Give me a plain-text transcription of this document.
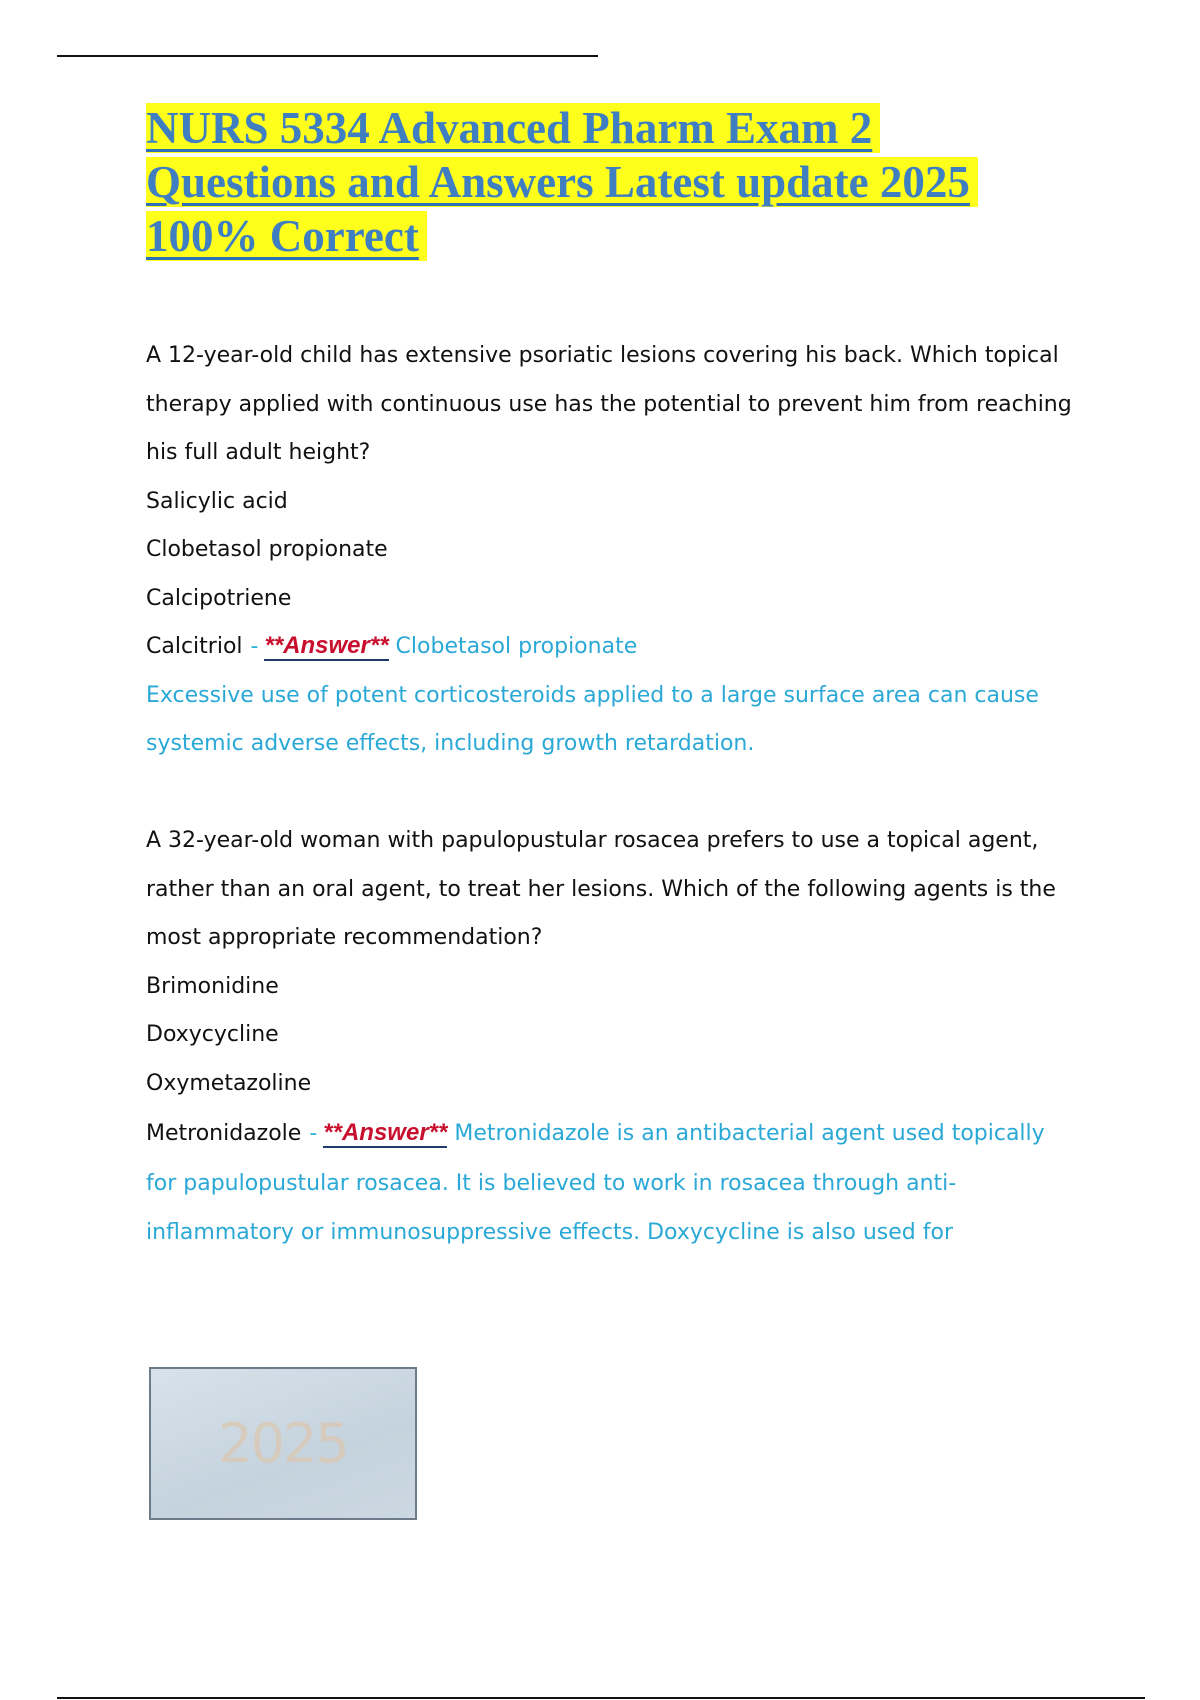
NURS 5334 Advanced Pharm Exam 2
Questions and Answers Latest update 2025
100% Correct

A 12-year-old child has extensive psoriatic lesions covering his back. Which topical

therapy applied with continuous use has the potential to prevent him from reaching

his full adult height?

Salicylic acid

Clobetasol propionate

Calcipotriene

Calcitriol - **Answer** Clobetasol propionate

Excessive use of potent corticosteroids applied to a large surface area can cause

systemic adverse effects, including growth retardation.

A 32-year-old woman with papulopustular rosacea prefers to use a topical agent,

rather than an oral agent, to treat her lesions. Which of the following agents is the

most appropriate recommendation?

Brimonidine

Doxycycline

Oxymetazoline

Metronidazole - **Answer** Metronidazole is an antibacterial agent used topically

for papulopustular rosacea. It is believed to work in rosacea through anti-

inflammatory or immunosuppressive effects. Doxycycline is also used for

2025
